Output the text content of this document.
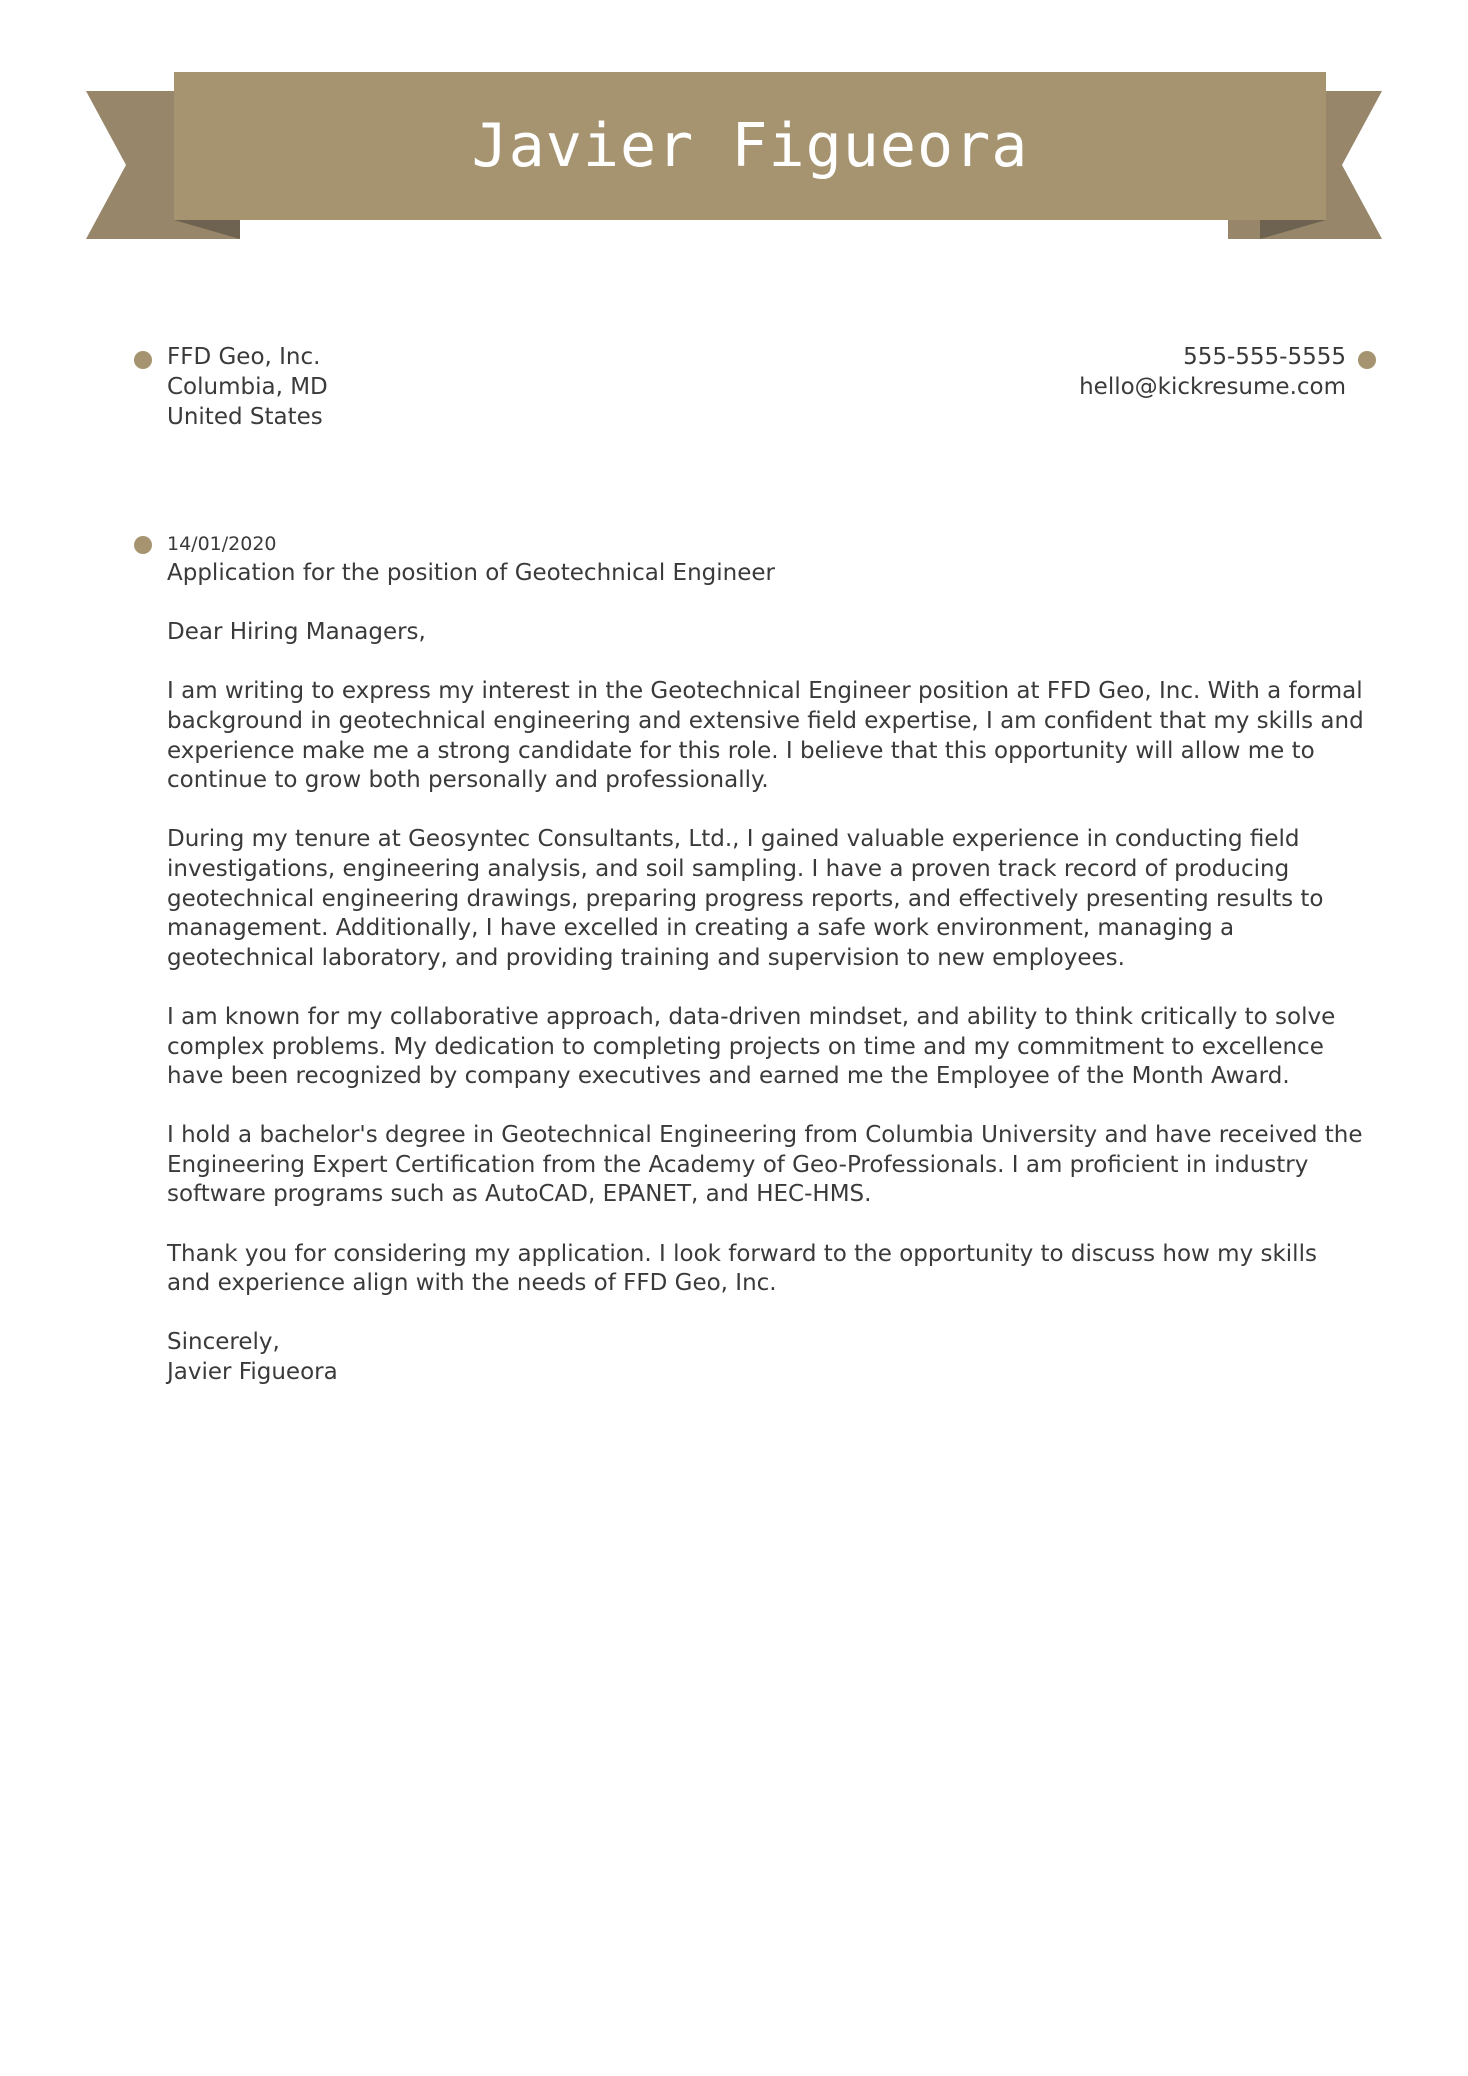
Javier Figueora
FFD Geo, Inc.
Columbia, MD
United States
555-555-5555
hello@kickresume.com
14/01/2020
Application for the position of Geotechnical Engineer
Dear Hiring Managers,
I am writing to express my interest in the Geotechnical Engineer position at FFD Geo, Inc. With a formal background in geotechnical engineering and extensive field expertise, I am confident that my skills and experience make me a strong candidate for this role. I believe that this opportunity will allow me to continue to grow both personally and professionally.
During my tenure at Geosyntec Consultants, Ltd., I gained valuable experience in conducting field investigations, engineering analysis, and soil sampling. I have a proven track record of producing geotechnical engineering drawings, preparing progress reports, and effectively presenting results to management. Additionally, I have excelled in creating a safe work environment, managing a geotechnical laboratory, and providing training and supervision to new employees.
I am known for my collaborative approach, data-driven mindset, and ability to think critically to solve complex problems. My dedication to completing projects on time and my commitment to excellence have been recognized by company executives and earned me the Employee of the Month Award.
I hold a bachelor's degree in Geotechnical Engineering from Columbia University and have received the Engineering Expert Certification from the Academy of Geo-Professionals. I am proficient in industry software programs such as AutoCAD, EPANET, and HEC-HMS.
Thank you for considering my application. I look forward to the opportunity to discuss how my skills and experience align with the needs of FFD Geo, Inc.
Sincerely,
Javier Figueora
